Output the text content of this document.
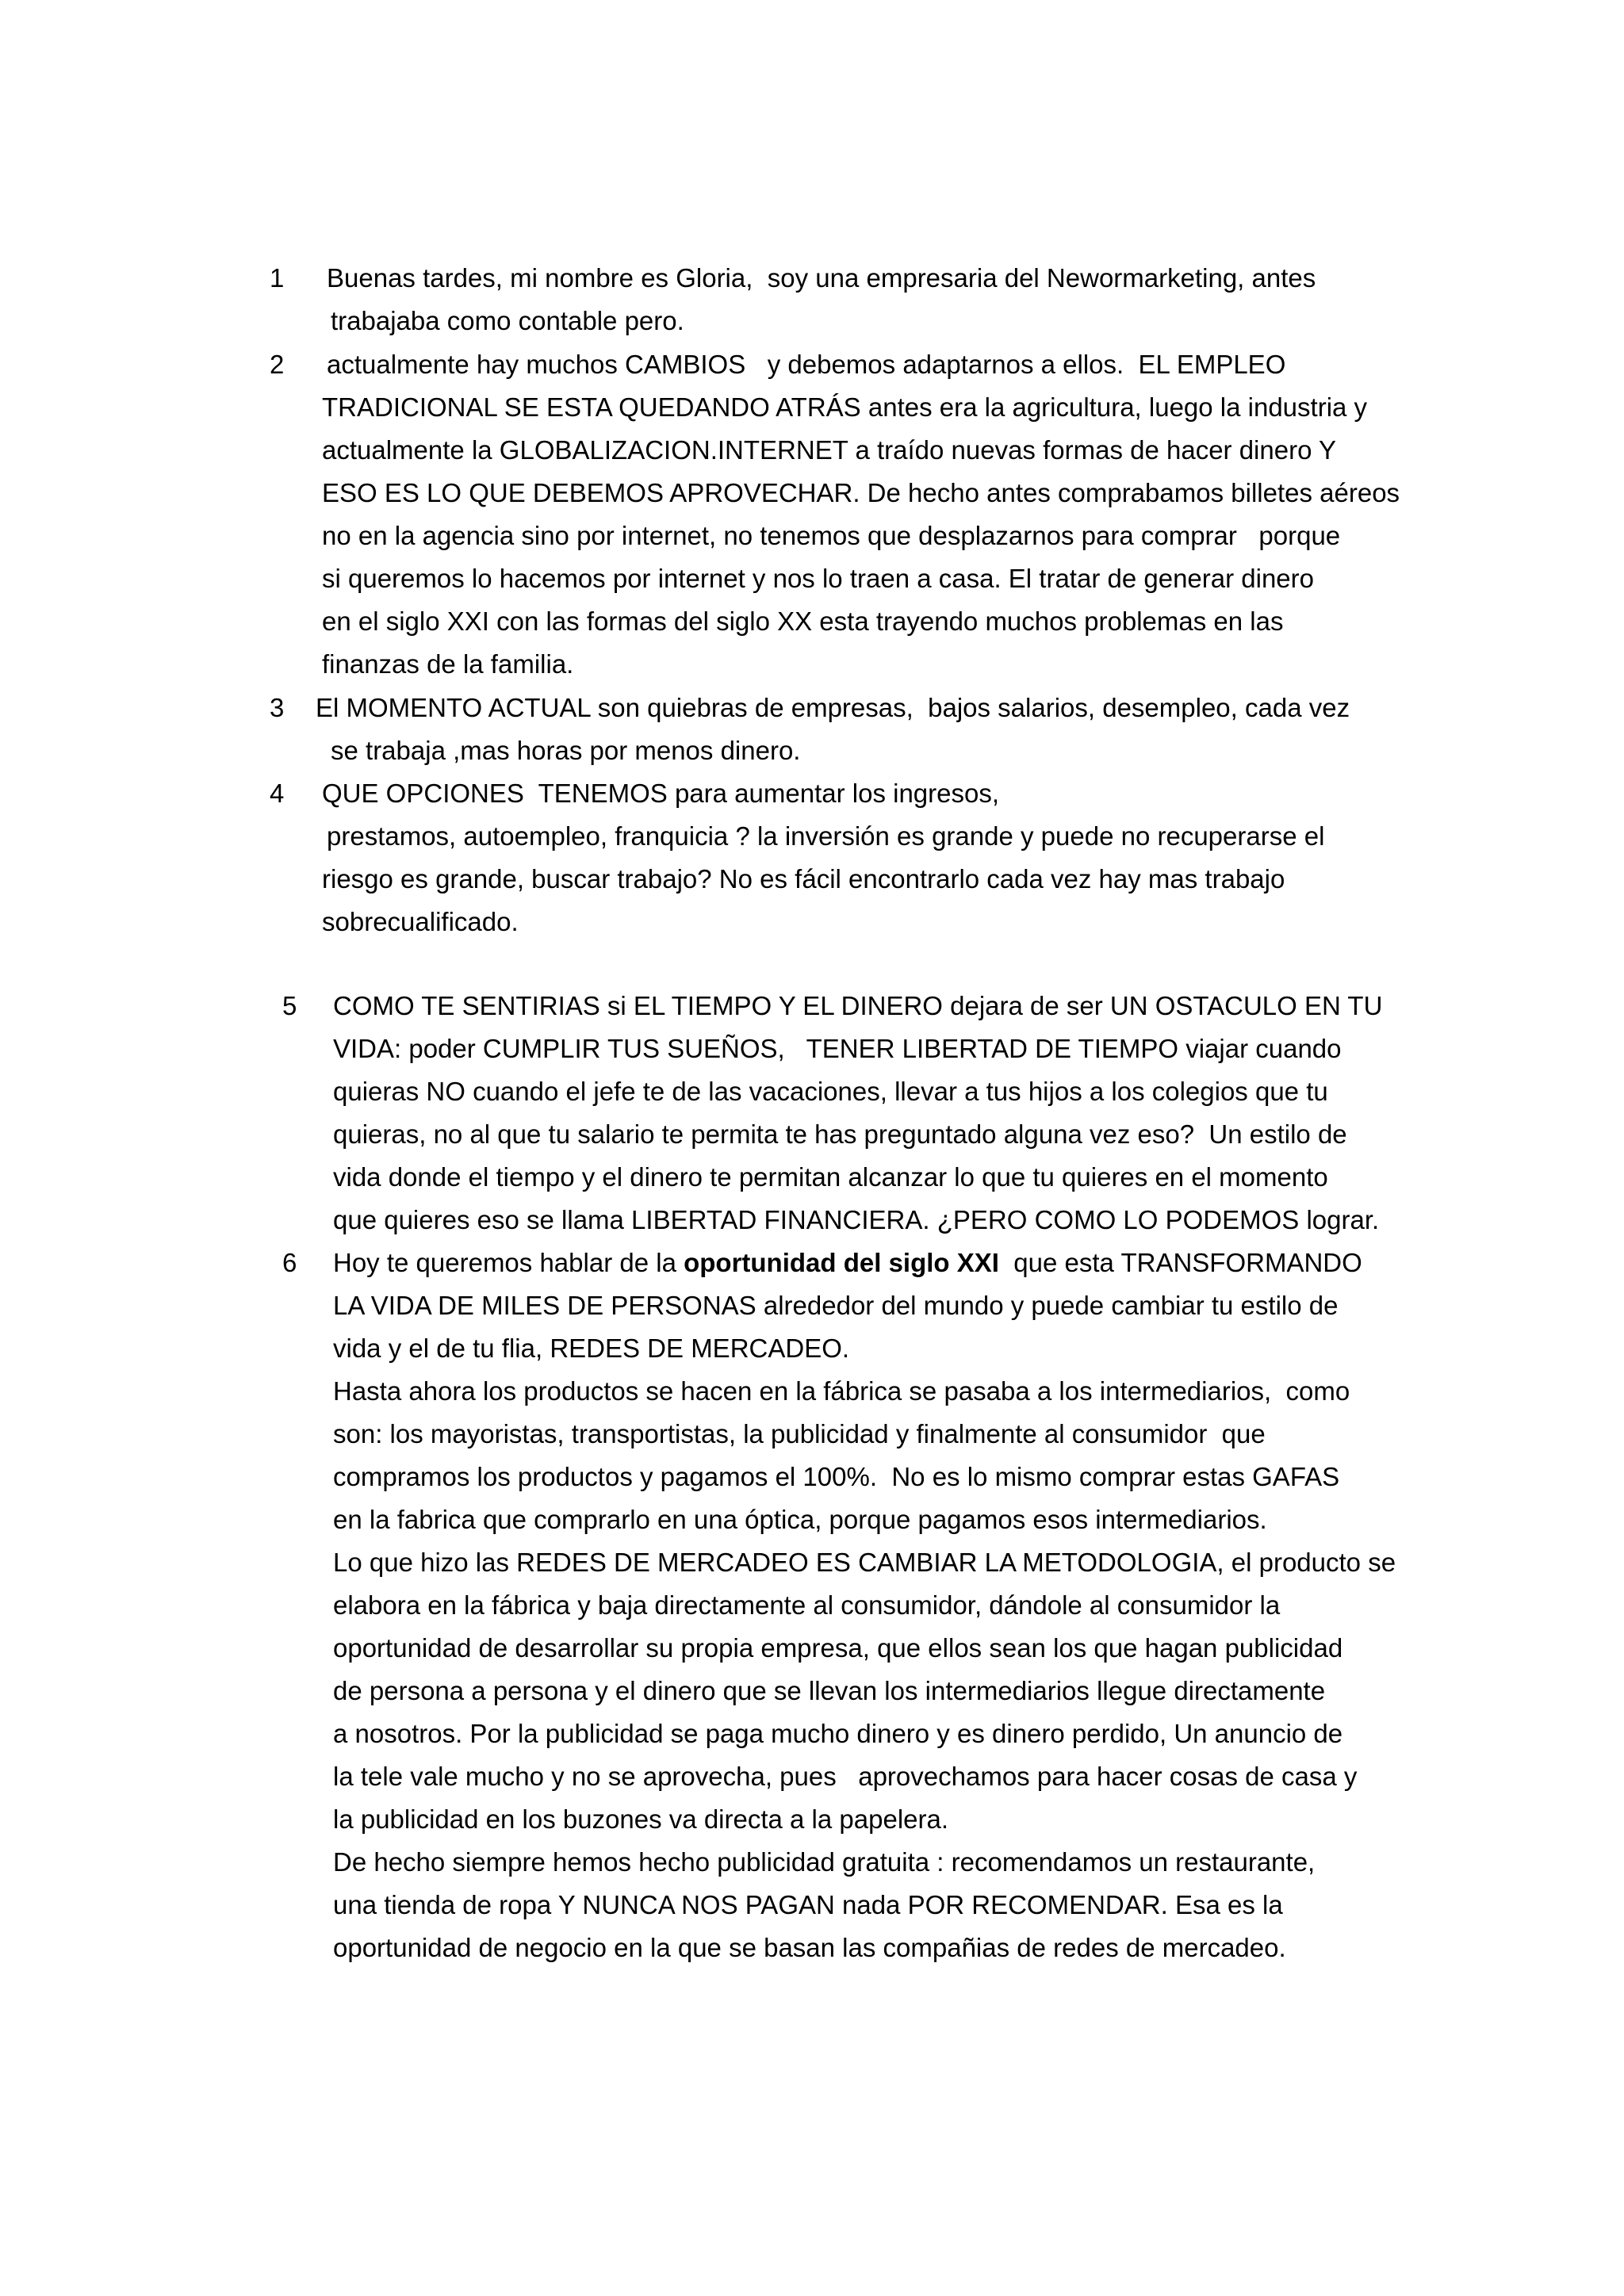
1 Buenas tardes, mi nombre es Gloria,  soy una empresaria del Newormarketing, antes
trabajaba como contable pero.
2 actualmente hay muchos CAMBIOS   y debemos adaptarnos a ellos.  EL EMPLEO
TRADICIONAL SE ESTA QUEDANDO ATRÁS antes era la agricultura, luego la industria y
actualmente la GLOBALIZACION.INTERNET a traído nuevas formas de hacer dinero Y
ESO ES LO QUE DEBEMOS APROVECHAR. De hecho antes comprabamos billetes aéreos
no en la agencia sino por internet, no tenemos que desplazarnos para comprar   porque
si queremos lo hacemos por internet y nos lo traen a casa. El tratar de generar dinero
en el siglo XXI con las formas del siglo XX esta trayendo muchos problemas en las
finanzas de la familia.
3 El MOMENTO ACTUAL son quiebras de empresas,  bajos salarios, desempleo, cada vez
se trabaja ,mas horas por menos dinero.
4 QUE OPCIONES  TENEMOS para aumentar los ingresos,
prestamos, autoempleo, franquicia ? la inversión es grande y puede no recuperarse el
riesgo es grande, buscar trabajo? No es fácil encontrarlo cada vez hay mas trabajo
sobrecualificado.
5 COMO TE SENTIRIAS si EL TIEMPO Y EL DINERO dejara de ser UN OSTACULO EN TU
VIDA: poder CUMPLIR TUS SUEÑOS,   TENER LIBERTAD DE TIEMPO viajar cuando
quieras NO cuando el jefe te de las vacaciones, llevar a tus hijos a los colegios que tu
quieras, no al que tu salario te permita te has preguntado alguna vez eso?  Un estilo de
vida donde el tiempo y el dinero te permitan alcanzar lo que tu quieres en el momento
que quieres eso se llama LIBERTAD FINANCIERA. ¿PERO COMO LO PODEMOS lograr.
6 Hoy te queremos hablar de la oportunidad del siglo XXI  que esta TRANSFORMANDO
LA VIDA DE MILES DE PERSONAS alrededor del mundo y puede cambiar tu estilo de
vida y el de tu flia, REDES DE MERCADEO.
Hasta ahora los productos se hacen en la fábrica se pasaba a los intermediarios,  como
son: los mayoristas, transportistas, la publicidad y finalmente al consumidor  que
compramos los productos y pagamos el 100%.  No es lo mismo comprar estas GAFAS
en la fabrica que comprarlo en una óptica, porque pagamos esos intermediarios.
Lo que hizo las REDES DE MERCADEO ES CAMBIAR LA METODOLOGIA, el producto se
elabora en la fábrica y baja directamente al consumidor, dándole al consumidor la
oportunidad de desarrollar su propia empresa, que ellos sean los que hagan publicidad
de persona a persona y el dinero que se llevan los intermediarios llegue directamente
a nosotros. Por la publicidad se paga mucho dinero y es dinero perdido, Un anuncio de
la tele vale mucho y no se aprovecha, pues   aprovechamos para hacer cosas de casa y
la publicidad en los buzones va directa a la papelera.
De hecho siempre hemos hecho publicidad gratuita : recomendamos un restaurante,
una tienda de ropa Y NUNCA NOS PAGAN nada POR RECOMENDAR. Esa es la
oportunidad de negocio en la que se basan las compañias de redes de mercadeo.
